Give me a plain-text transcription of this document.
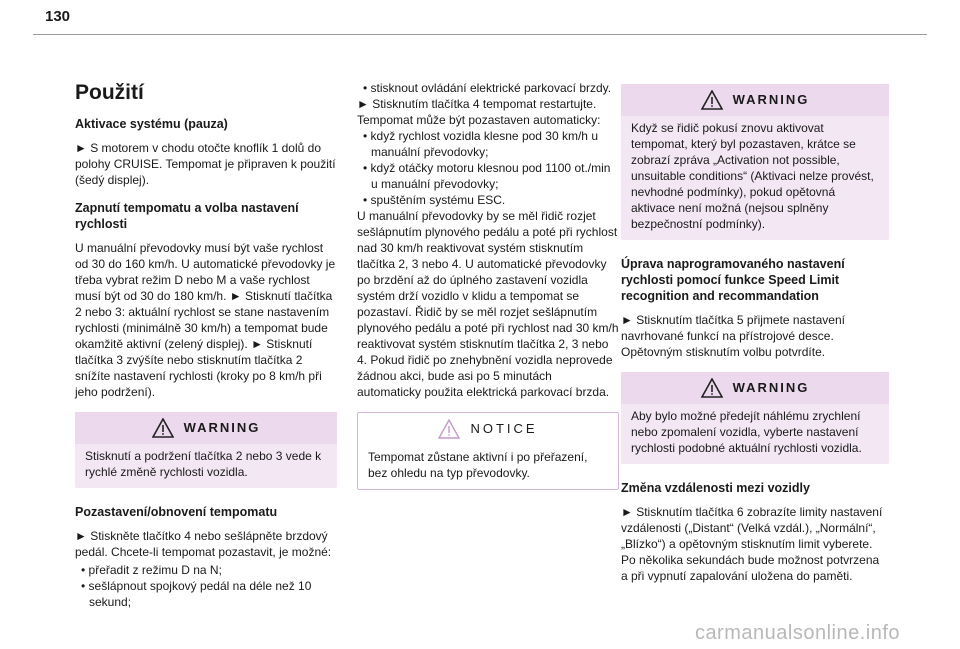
130
Použití
Aktivace systému (pauza)

► S motorem v chodu otočte knoflík 1 dolů do polohy CRUISE. Tempomat je připraven k použití (šedý displej).

Zapnutí tempomatu a volba nastavení rychlosti

U manuální převodovky musí být vaše rychlost od 30 do 160 km/h. U automatické převodovky je třeba vybrat režim D nebo M a vaše rychlost musí být od 30 do 180 km/h. ► Stisknutí tlačítka 2 nebo 3: aktuální rychlost se stane nastavením rychlosti (minimálně 30 km/h) a tempomat bude okamžitě aktivní (zelený displej). ► Stisknutí tlačítka 3 zvýšíte nebo stisknutím tlačítka 2 snížíte nastavení rychlosti (kroky po 8 km/h při jeho podržení).

WARNING
Stisknutí a podržení tlačítka 2 nebo 3 vede k rychlé změně rychlosti vozidla.
Pozastavení/obnovení tempomatu

► Stiskněte tlačítko 4 nebo sešlápněte brzdový pedál. Chcete-li tempomat pozastavit, je možné:

• přeřadit z režimu D na N;
• sešlápnout spojkový pedál na déle než 10 sekund;
• stisknout ovládání elektrické parkovací brzdy.

► Stisknutím tlačítka 4 tempomat restartujte. Tempomat může být pozastaven automaticky:

• když rychlost vozidla klesne pod 30 km/h u manuální převodovky;
• když otáčky motoru klesnou pod 1100 ot./min u manuální převodovky;
• spuštěním systému ESC.

U manuální převodovky by se měl řidič rozjet sešlápnutím plynového pedálu a poté při rychlost nad 30 km/h reaktivovat systém stisknutím tlačítka 2, 3 nebo 4. U automatické převodovky po brzdění až do úplného zastavení vozidla systém drží vozidlo v klidu a tempomat se pozastaví. Řidič by se měl rozjet sešlápnutím plynového pedálu a poté při rychlost nad 30 km/h reaktivovat systém stisknutím tlačítka 2, 3 nebo 4. Pokud řidič po znehybnění vozidla neprovede žádnou akci, bude asi po 5 minutách automaticky použita elektrická parkovací brzda.

NOTICE
Tempomat zůstane aktivní i po přeřazení, bez ohledu na typ převodovky.
WARNING
Když se řidič pokusí znovu aktivovat tempomat, který byl pozastaven, krátce se zobrazí zpráva „Activation not possible, unsuitable conditions“ (Aktivaci nelze provést, nevhodné podmínky), pokud opětovná aktivace není možná (nejsou splněny bezpečnostní podmínky).
Úprava naprogramovaného nastavení rychlosti pomocí funkce Speed Limit recognition and recommandation

► Stisknutím tlačítka 5 přijmete nastavení navrhované funkcí na přístrojové desce. Opětovným stisknutím volbu potvrdíte.

WARNING
Aby bylo možné předejít náhlému zrychlení nebo zpomalení vozidla, vyberte nastavení rychlosti podobné aktuální rychlosti vozidla.
Změna vzdálenosti mezi vozidly

► Stisknutím tlačítka 6 zobrazíte limity nastavení vzdálenosti („Distant“ (Velká vzdál.), „Normální“, „Blízko“) a opětovným stisknutím limit vyberete. Po několika sekundách bude možnost potvrzena a při vypnutí zapalování uložena do paměti.

carmanualsonline.info
